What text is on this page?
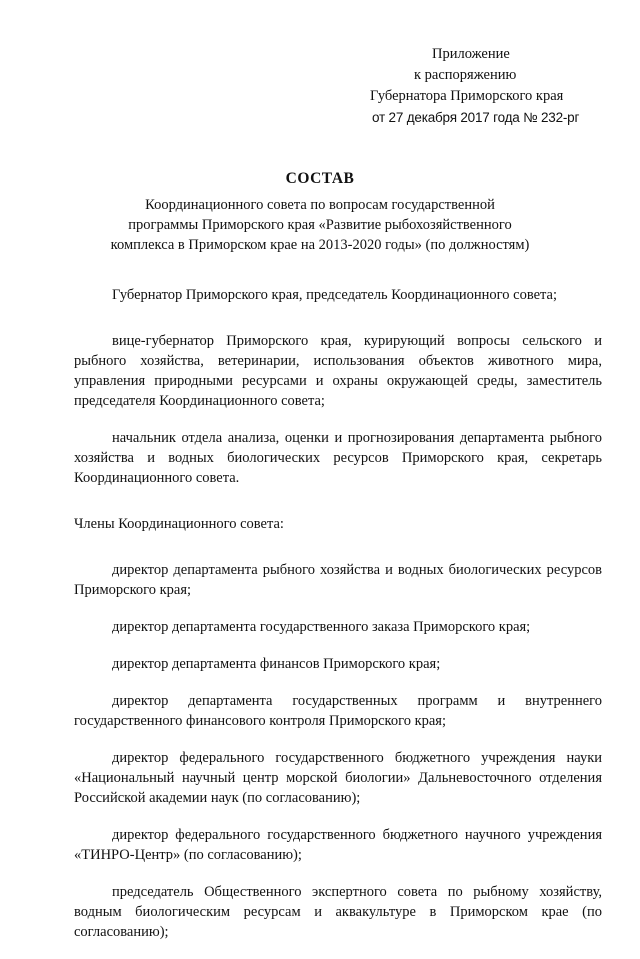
Приложение
к распоряжению
Губернатора Приморского края
от 27 декабря 2017 года № 232-рг
СОСТАВ
Координационного совета по вопросам государственной
программы Приморского края «Развитие рыбохозяйственного
комплекса в Приморском крае на 2013-2020 годы» (по должностям)

Губернатор Приморского края, председатель Координационного совета;

вице-губернатор Приморского края, курирующий вопросы сельского и рыбного хозяйства, ветеринарии, использования объектов животного мира, управления природными ресурсами и охраны окружающей среды, заместитель председателя Координационного совета;

начальник отдела анализа, оценки и прогнозирования департамента рыбного хозяйства и водных биологических ресурсов Приморского края, секретарь Координационного совета.

Члены Координационного совета:

директор департамента рыбного хозяйства и водных биологических ресурсов Приморского края;

директор департамента государственного заказа Приморского края;

директор департамента финансов Приморского края;

директор департамента государственных программ и внутреннего государственного финансового контроля Приморского края;

директор федерального государственного бюджетного учреждения науки «Национальный научный центр морской биологии» Дальневосточного отделения Российской академии наук (по согласованию);

директор федерального государственного бюджетного научного учреждения «ТИНРО-Центр» (по согласованию);

председатель Общественного экспертного совета по рыбному хозяйству, водным биологическим ресурсам и аквакультуре в Приморском крае (по согласованию);
